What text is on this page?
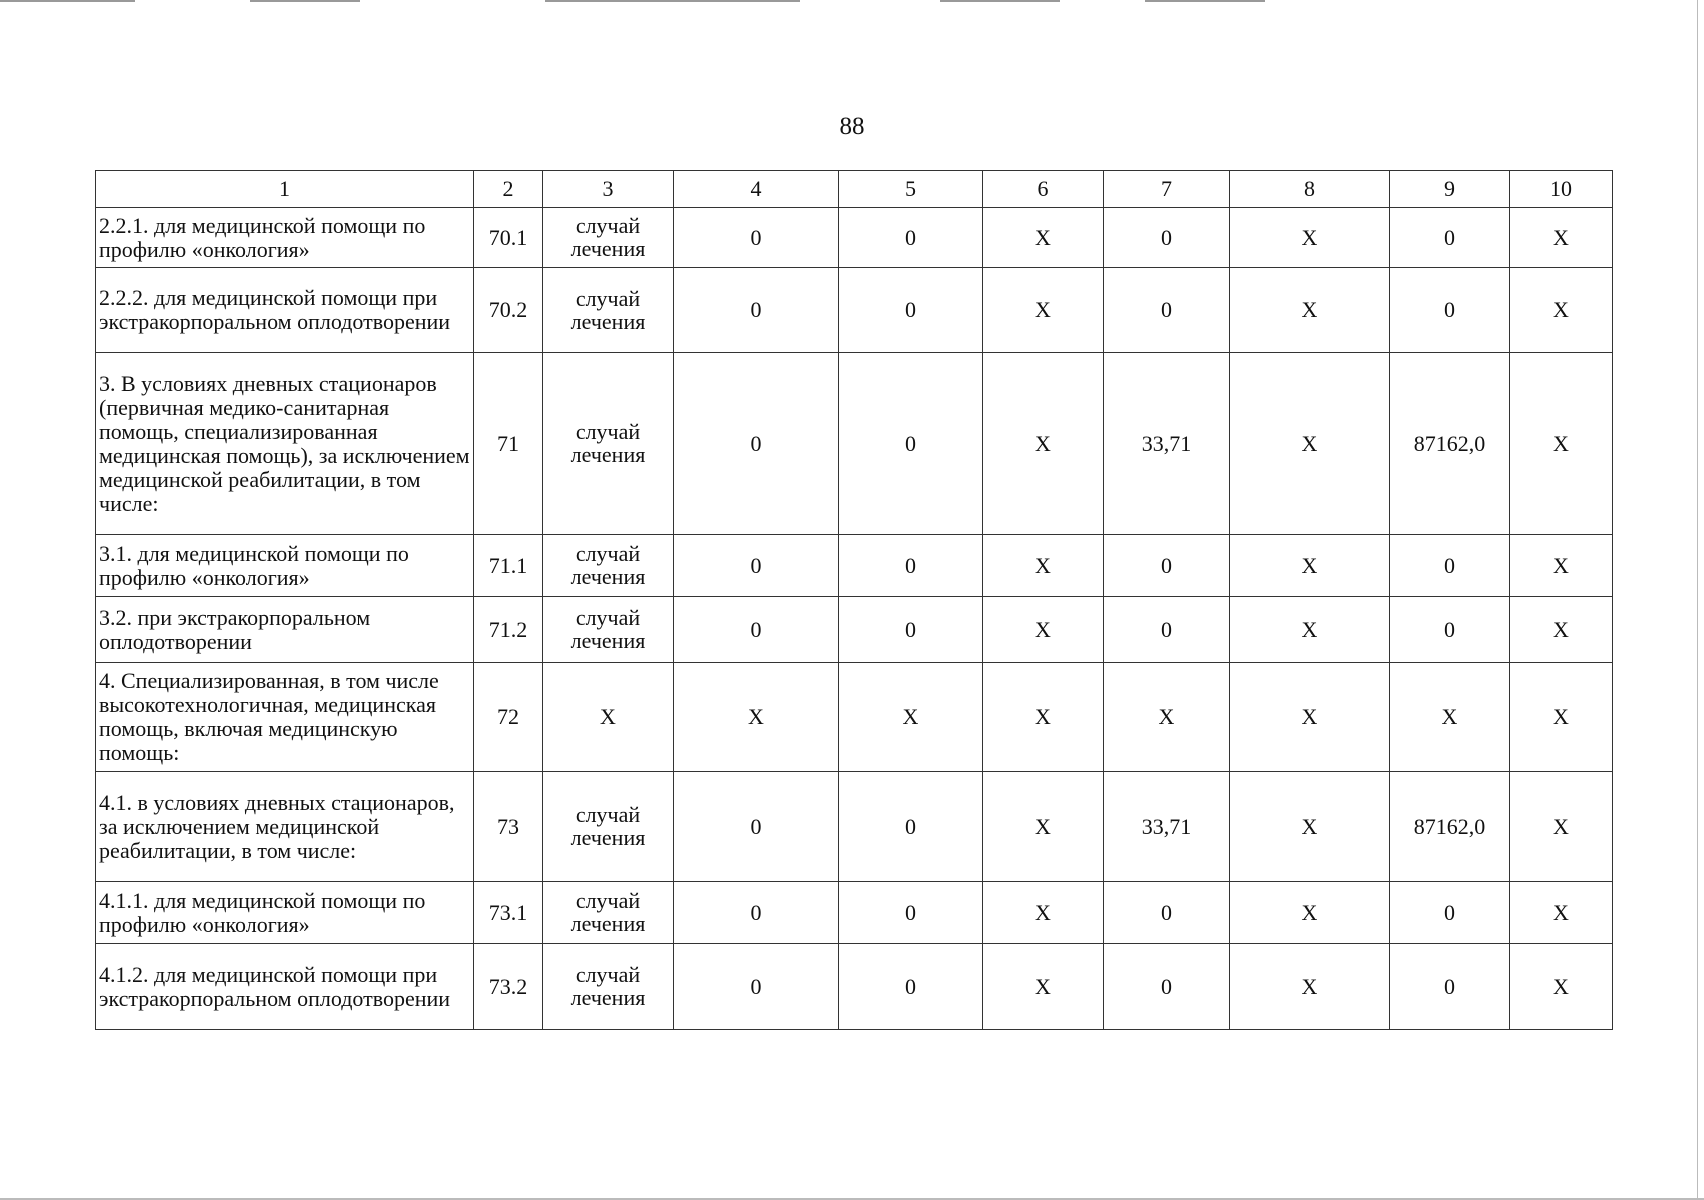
88
1	2	3	4	5	6	7	8	9	10
2.2.1. для медицинской помощи по профилю «онкология»	70.1	случай лечения	0	0	Х	0	Х	0	Х
2.2.2. для медицинской помощи при экстракорпоральном оплодотворении	70.2	случай лечения	0	0	Х	0	Х	0	Х
3. В условиях дневных стационаров (первичная медико-санитарная помощь, специализированная медицинская помощь), за исключением медицинской реабилитации, в том числе:	71	случай лечения	0	0	Х	33,71	Х	87162,0	Х
3.1. для медицинской помощи по профилю «онкология»	71.1	случай лечения	0	0	Х	0	Х	0	Х
3.2. при экстракорпоральном оплодотворении	71.2	случай лечения	0	0	Х	0	Х	0	Х
4. Специализированная, в том числе высокотехнологичная, медицинская помощь, включая медицинскую помощь:	72	Х	Х	Х	Х	Х	Х	Х	Х
4.1. в условиях дневных стационаров, за исключением медицинской реабилитации, в том числе:	73	случай лечения	0	0	Х	33,71	Х	87162,0	Х
4.1.1. для медицинской помощи по профилю «онкология»	73.1	случай лечения	0	0	Х	0	Х	0	Х
4.1.2. для медицинской помощи при экстракорпоральном оплодотворении	73.2	случай лечения	0	0	Х	0	Х	0	Х
